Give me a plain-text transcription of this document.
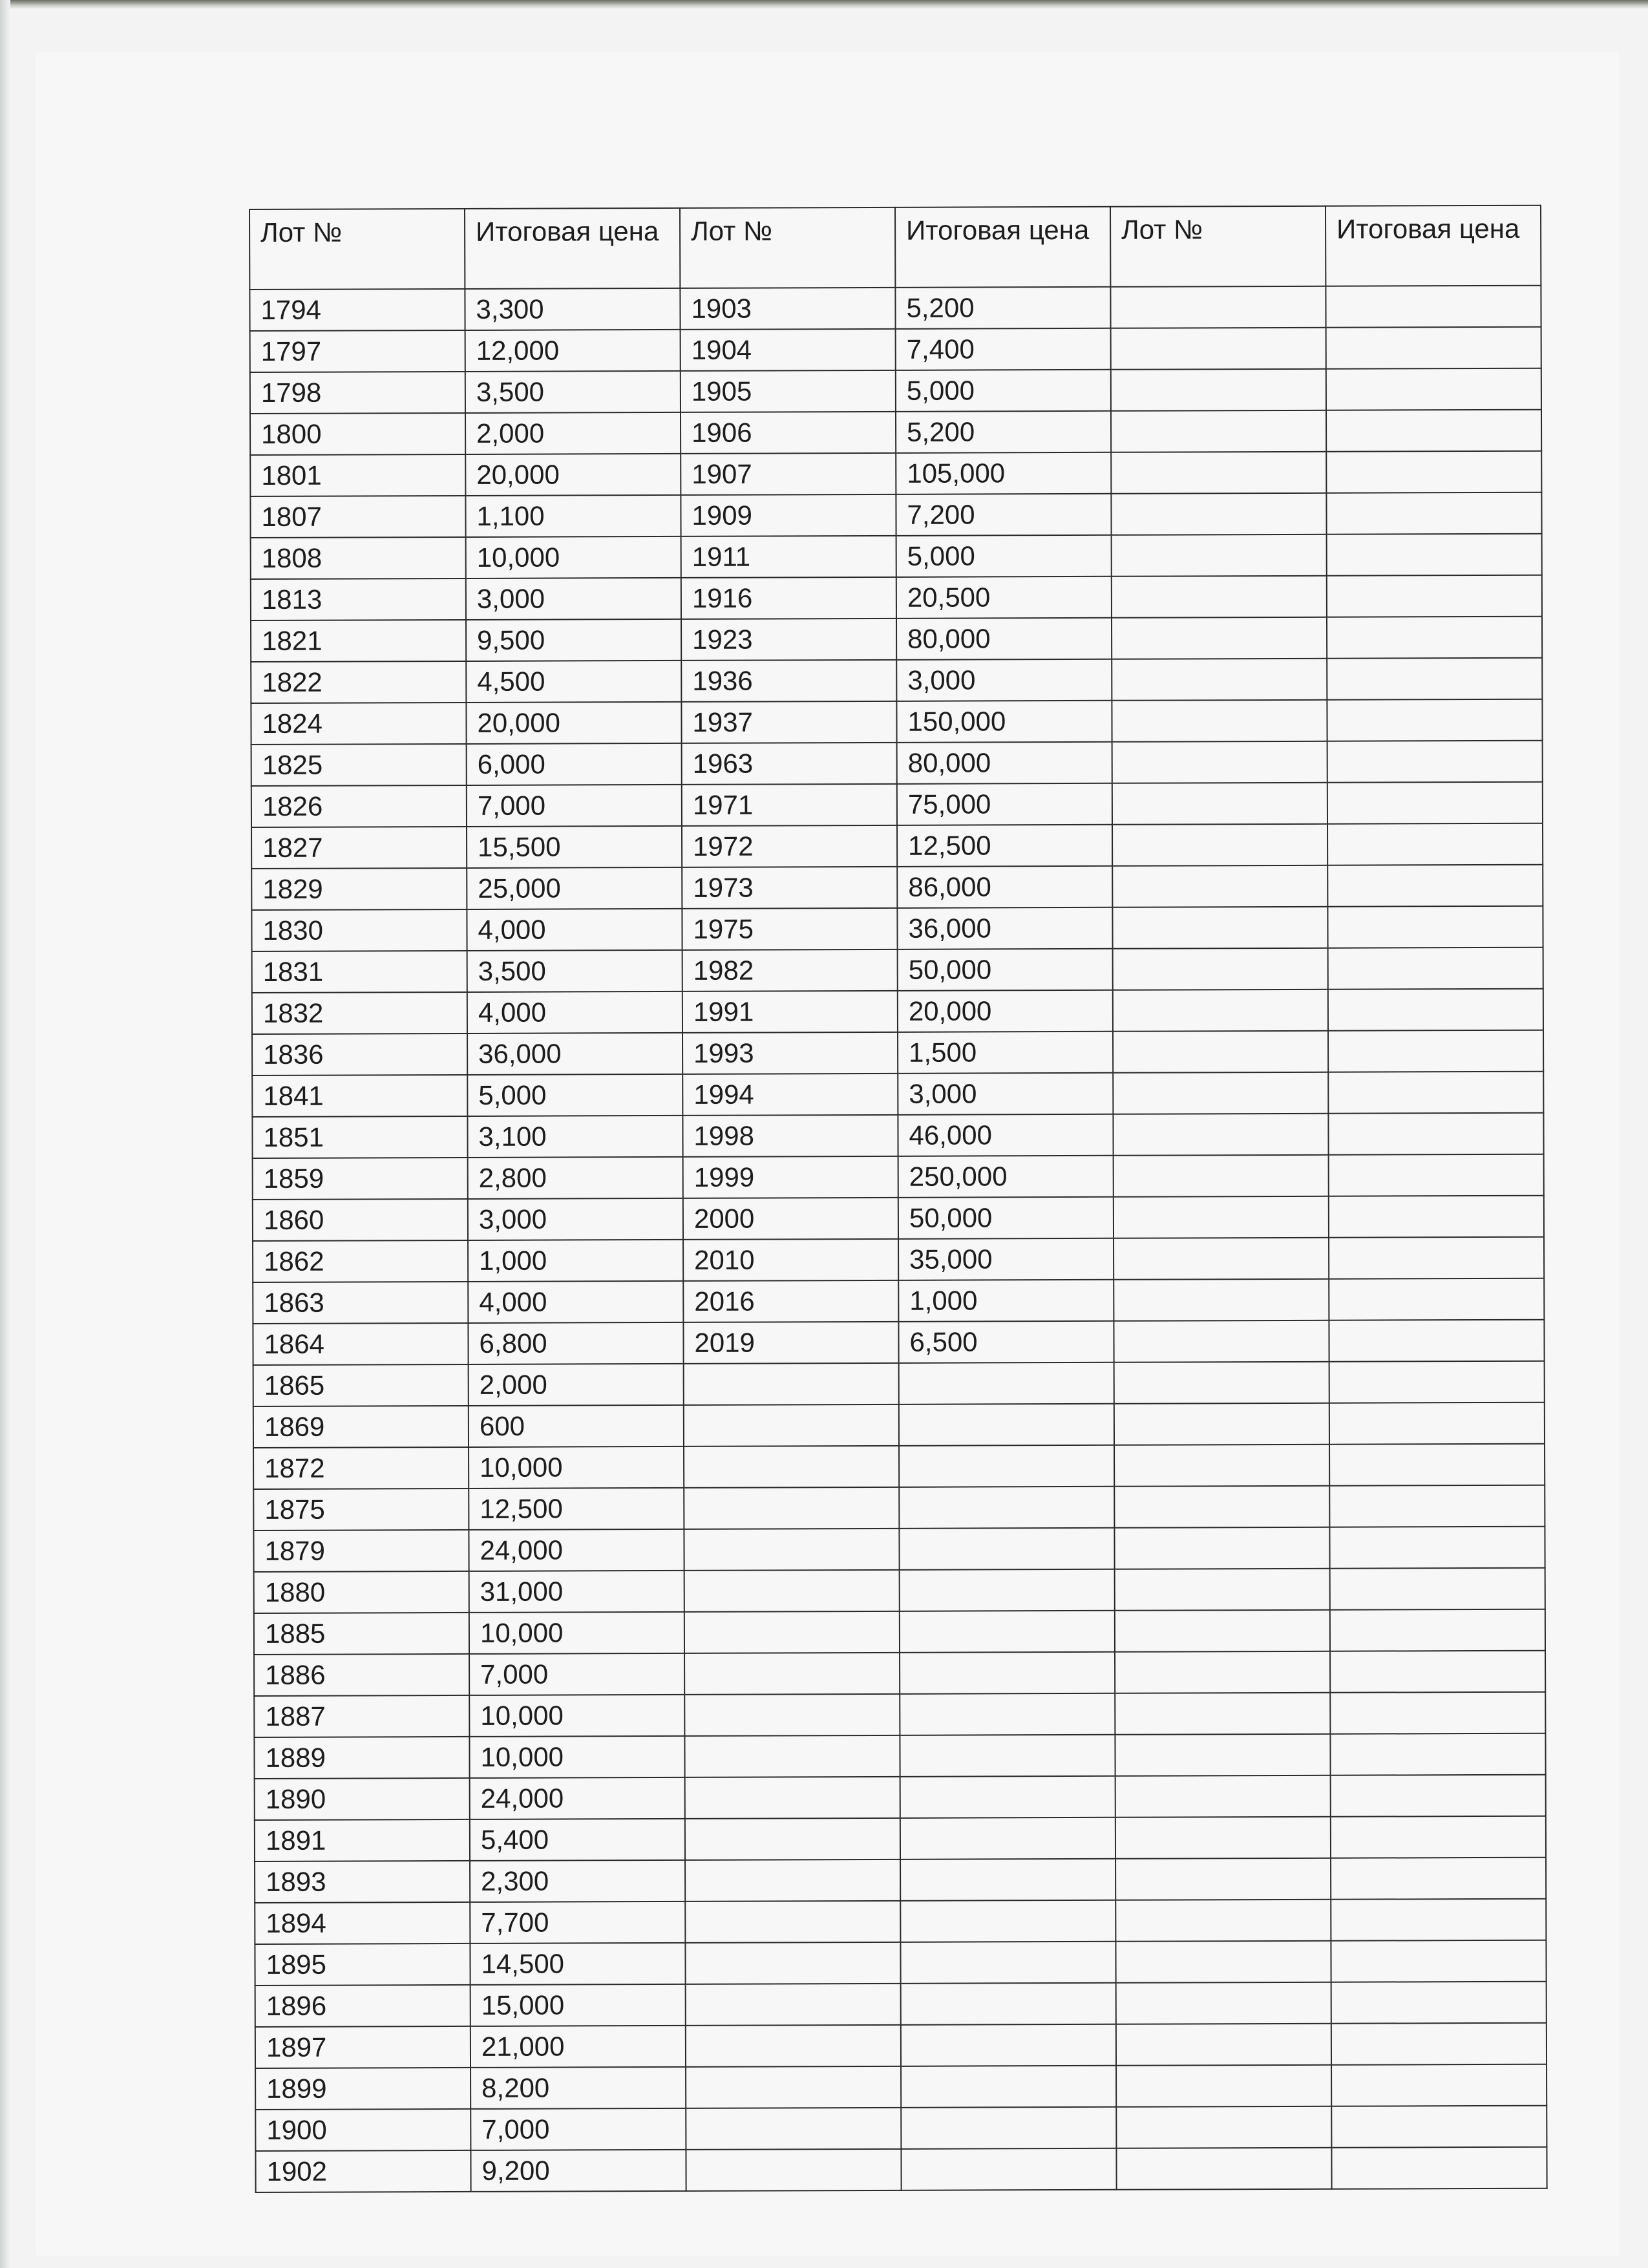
Лот №	Итоговая цена	Лот №	Итоговая цена	Лот №	Итоговая цена
1794	3,300	1903	5,200		
1797	12,000	1904	7,400		
1798	3,500	1905	5,000		
1800	2,000	1906	5,200		
1801	20,000	1907	105,000		
1807	1,100	1909	7,200		
1808	10,000	1911	5,000		
1813	3,000	1916	20,500		
1821	9,500	1923	80,000		
1822	4,500	1936	3,000		
1824	20,000	1937	150,000		
1825	6,000	1963	80,000		
1826	7,000	1971	75,000		
1827	15,500	1972	12,500		
1829	25,000	1973	86,000		
1830	4,000	1975	36,000		
1831	3,500	1982	50,000		
1832	4,000	1991	20,000		
1836	36,000	1993	1,500		
1841	5,000	1994	3,000		
1851	3,100	1998	46,000		
1859	2,800	1999	250,000		
1860	3,000	2000	50,000		
1862	1,000	2010	35,000		
1863	4,000	2016	1,000		
1864	6,800	2019	6,500		
1865	2,000				
1869	600				
1872	10,000				
1875	12,500				
1879	24,000				
1880	31,000				
1885	10,000				
1886	7,000				
1887	10,000				
1889	10,000				
1890	24,000				
1891	5,400				
1893	2,300				
1894	7,700				
1895	14,500				
1896	15,000				
1897	21,000				
1899	8,200				
1900	7,000				
1902	9,200				
